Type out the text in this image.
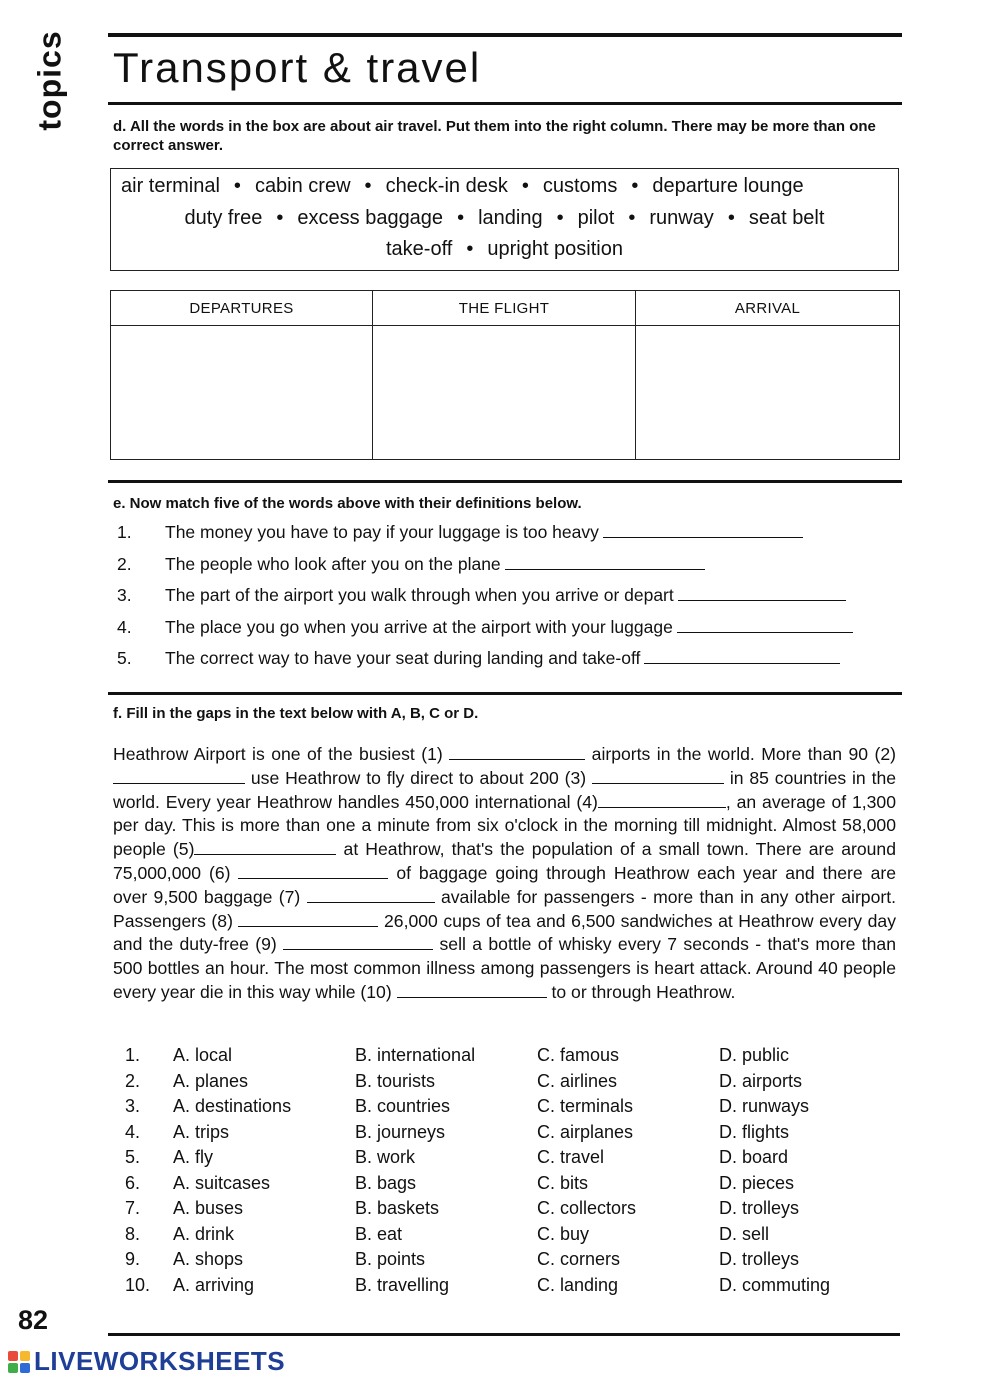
topics Transport & travel
d. All the words in the box are about air travel. Put them into the right column. There may be more than one correct answer.
air terminal • cabin crew • check-in desk • customs • departure lounge
duty free • excess baggage • landing • pilot • runway • seat belt
take-off • upright position
DEPARTURES	THE FLIGHT	ARRIVAL
e. Now match five of the words above with their definitions below.
1.	The money you have to pay if your luggage is too heavy
2.	The people who look after you on the plane
3.	The part of the airport you walk through when you arrive or depart
4.	The place you go when you arrive at the airport with your luggage
5.	The correct way to have your seat during landing and take-off
f. Fill in the gaps in the text below with A, B, C or D.
Heathrow Airport is one of the busiest (1)	airports in the world. More than 90 (2)  use Heathrow to fly direct to about 200 (3)	in 85 countries in the world. Every year Heathrow handles 450,000 international (4)	, an average of 1,300 per day. This is more than one a minute from six o'clock in the morning till midnight. Almost 58,000 people (5)	at Heathrow, that's the population of a small town. There are around 75,000,000 (6)	of baggage going through Heathrow each year and there are over 9,500 baggage (7)	available for passengers - more than in any other airport. Passengers (8)	26,000 cups of tea and 6,500 sandwiches at Heathrow every day and the duty-free (9)	sell a bottle of whisky every 7 seconds - that's more than 500 bottles an hour. The most common illness among passengers is heart attack. Around 40 people every year die in this way while (10)	to or through Heathrow.
1. A. local	B. international	C. famous	D. public
2. A. planes	B. tourists	C. airlines	D. airports
3. A. destinations	B. countries	C. terminals	D. runways
4. A. trips	B. journeys	C. airplanes	D. flights
5. A. fly	B. work	C. travel	D. board
6. A. suitcases	B. bags	C. bits	D. pieces
7. A. buses	B. baskets	C. collectors	D. trolleys
8. A. drink	B. eat	C. buy	D. sell
9. A. shops	B. points	C. corners	D. trolleys
10. A. arriving	B. travelling	C. landing	D. commuting
82
LIVEWORKSHEETS
